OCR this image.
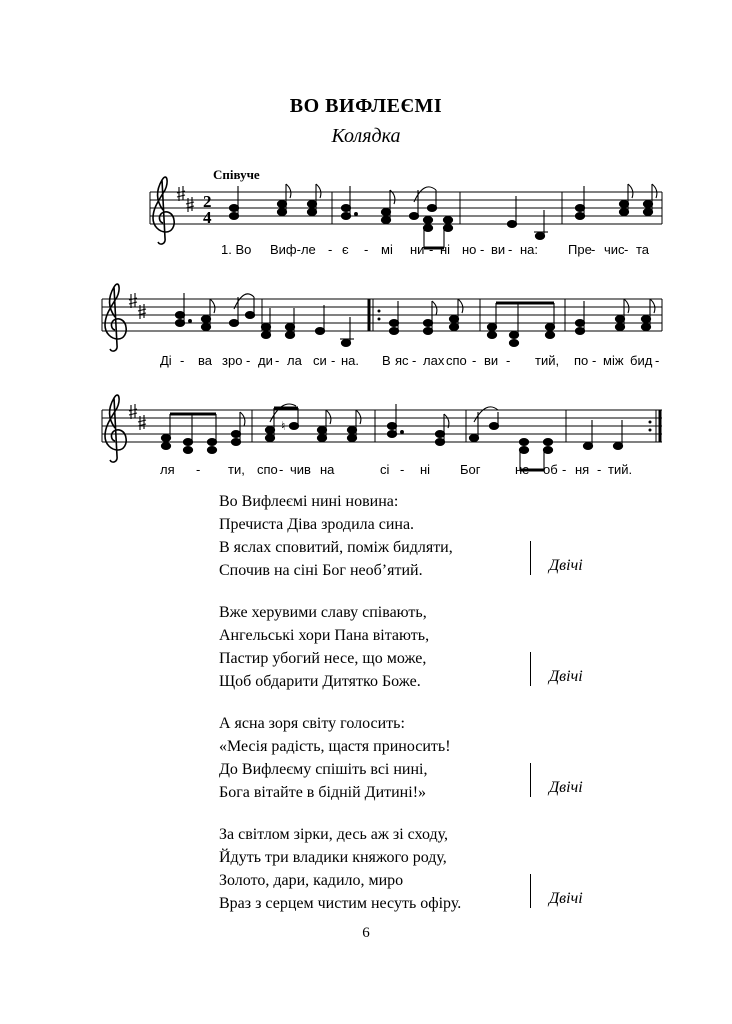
ВО ВИФЛЕЄМІ
Колядка
Співуче
2
4
♮
1. Во Виф-ле - є - мі ни - ні но - ви - на: Пре - чис - та
Ді - ва зро - ди - ла си - на. В яс - лах спо - ви - тий, по - між бид -
ля - ти, спо - чив на	сі - ні Бог	не - об - ня - тий.
Во Вифлеємі нині новина:
Пречиста Діва зродила сина.
В яслах сповитий, поміж бидляти,
Спочив на сіні Бог необ’ятий.	Двічі
Вже херувими славу співають,
Ангельські хори Пана вітають,
Пастир убогий несе, що може,
Щоб обдарити Дитятко Боже.	Двічі
А ясна зоря світу голосить:
«Месія радість, щастя приносить!
До Вифлеєму спішіть всі нині,
Бога вітайте в бідній Дитині!»	Двічі
За світлом зірки, десь аж зі сходу,
Йдуть три владики княжого роду,
Золото, дари, кадило, миро
Враз з серцем чистим несуть офіру.	Двічі
6
